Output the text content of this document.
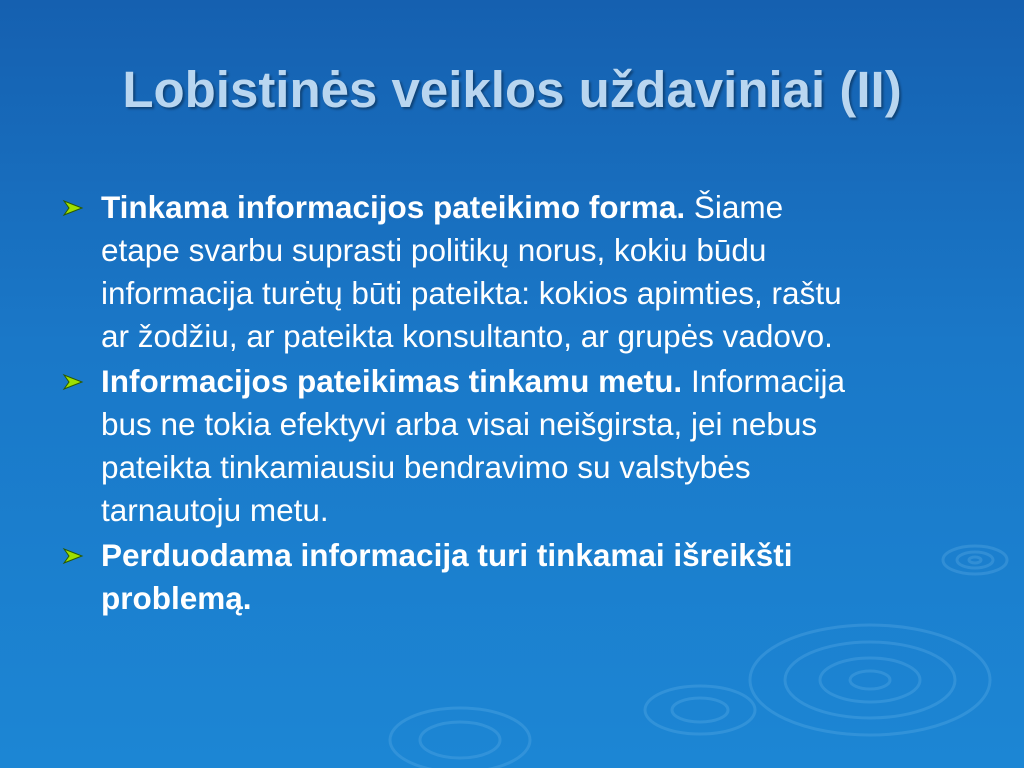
Lobistinės veiklos uždaviniai (II)
Tinkama informacijos pateikimo forma. Šiame etape svarbu suprasti politikų norus, kokiu būdu informacija turėtų būti pateikta: kokios apimties, raštu ar žodžiu, ar pateikta konsultanto, ar grupės vadovo.
Informacijos pateikimas tinkamu metu. Informacija bus ne tokia efektyvi arba visai neišgirsta, jei nebus pateikta tinkamiausiu bendravimo su valstybės tarnautoju metu.
Perduodama informacija turi tinkamai išreikšti problemą.
